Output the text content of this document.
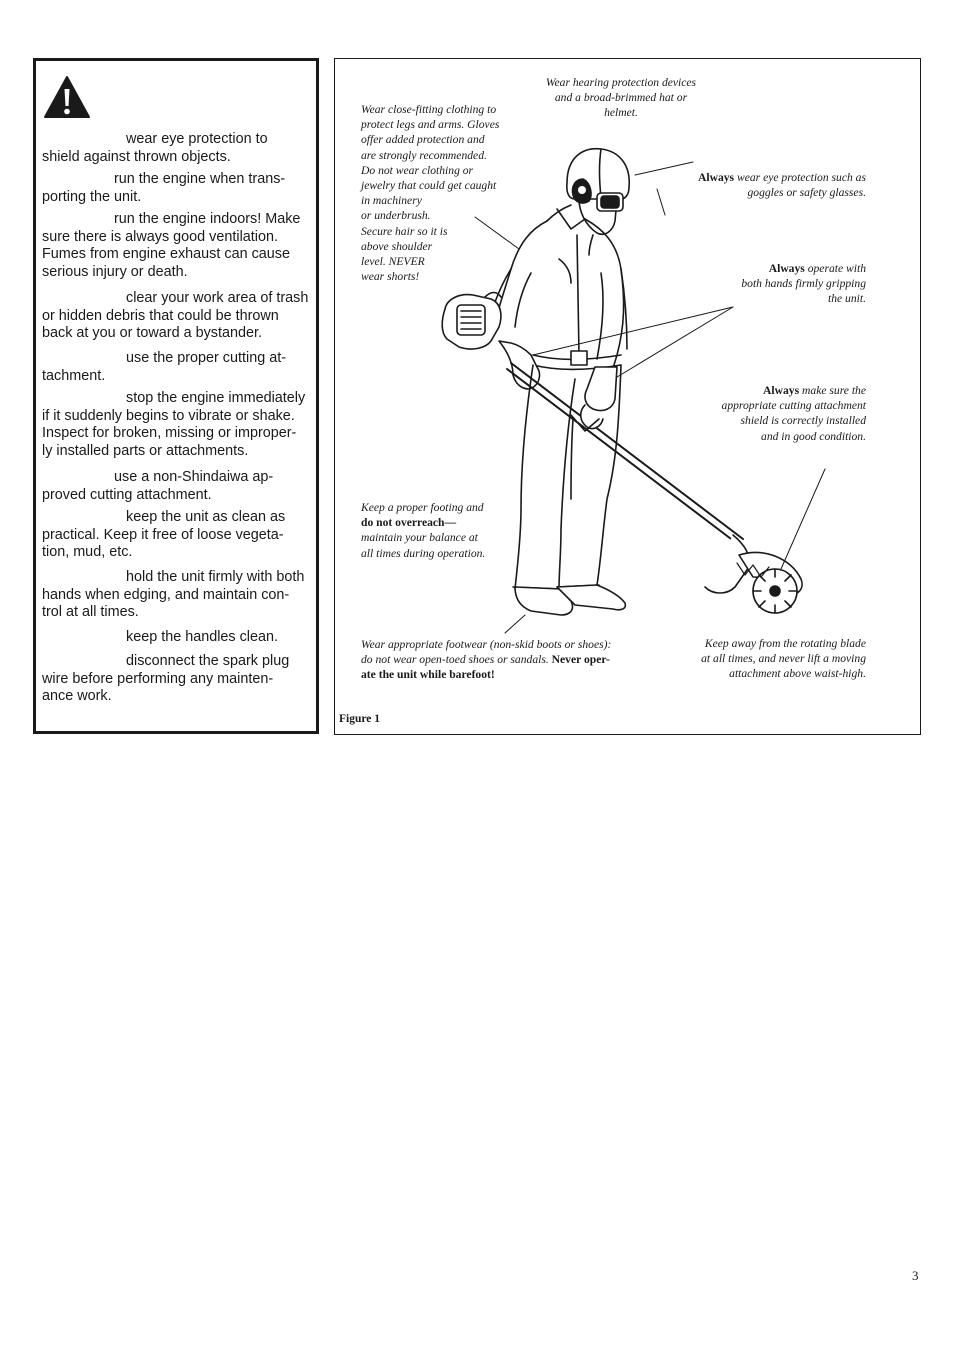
wear eye protection to
shield against thrown objects.
run the engine when trans-
porting the unit.
run the engine indoors! Make
sure there is always good ventilation.
Fumes from engine exhaust can cause
serious injury or death.
clear your work area of trash
or hidden debris that could be thrown
back at you or toward a bystander.
use the proper cutting at-
tachment.
stop the engine immediately
if it suddenly begins to vibrate or shake.
Inspect for broken, missing or improper-
ly installed parts or attachments.
use a non-Shindaiwa ap-
proved cutting attachment.
keep the unit as clean as
practical. Keep it free of loose vegeta-
tion, mud, etc.
hold the unit firmly with both
hands when edging, and maintain con-
trol at all times.
keep the handles clean.
disconnect the spark plug
wire before performing any mainten-
ance work.
Wear hearing protection devices
and a broad-brimmed hat or
helmet.
Wear close-fitting clothing to
protect legs and arms. Gloves
offer added protection and
are strongly recommended.
Do not wear clothing or
jewelry that could get caught
in machinery
or underbrush.
Secure hair so it is
above shoulder
level. NEVER
wear shorts!
Always wear eye protection such as
goggles or safety glasses.
Always operate with
both hands firmly gripping
the unit.
Always make sure the
appropriate cutting attachment
shield is correctly installed
and in good condition.
Keep a proper footing and
do not overreach—
maintain your balance at
all times during operation.
Wear appropriate footwear (non-skid boots or shoes):
do not wear open-toed shoes or sandals. Never oper-
ate the unit while barefoot!
Keep away from the rotating blade
at all times, and never lift a moving
attachment above waist-high.
Figure 1
3
